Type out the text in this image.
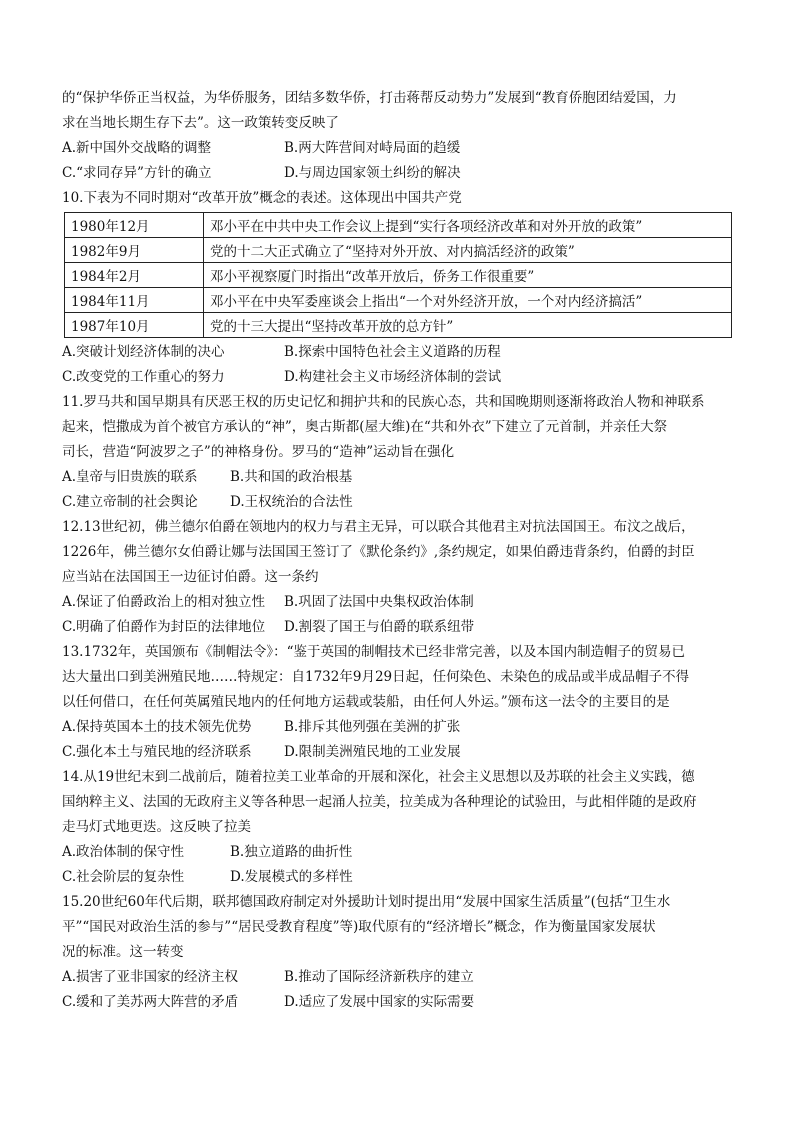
的“保护华侨正当权益，为华侨服务，团结多数华侨，打击蒋帮反动势力”发展到“教育侨胞团结爱国，力
求在当地长期生存下去”。这一政策转变反映了

A.新中国外交战略的调整	B.两大阵营间对峙局面的趋缓
C.“求同存异”方针的确立	D.与周边国家领土纠纷的解决

10.下表为不同时期对“改革开放”概念的表述。这体现出中国共产党

1980年12月	邓小平在中共中央工作会议上提到“实行各项经济改革和对外开放的政策”
1982年9月	党的十二大正式确立了“坚持对外开放、对内搞活经济的政策”
1984年2月	邓小平视察厦门时指出“改革开放后，侨务工作很重要”
1984年11月	邓小平在中央军委座谈会上指出“一个对外经济开放，一个对内经济搞活”
1987年10月	党的十三大提出“坚持改革开放的总方针”
A.突破计划经济体制的决心	B.探索中国特色社会主义道路的历程
C.改变党的工作重心的努力	D.构建社会主义市场经济体制的尝试

11.罗马共和国早期具有厌恶王权的历史记忆和拥护共和的民族心态，共和国晚期则逐渐将政治人物和神联系
起来，恺撒成为首个被官方承认的“神”，奥古斯都(屋大维)在“共和外衣”下建立了元首制，并亲任大祭
司长，营造“阿波罗之子”的神格身份。罗马的“造神”运动旨在强化

A.皇帝与旧贵族的联系	B.共和国的政治根基
C.建立帝制的社会舆论	D.王权统治的合法性

12.13世纪初，佛兰德尔伯爵在领地内的权力与君主无异，可以联合其他君主对抗法国国王。布汶之战后，
1226年，佛兰德尔女伯爵让娜与法国国王签订了《默伦条约》,条约规定，如果伯爵违背条约，伯爵的封臣
应当站在法国国王一边征讨伯爵。这一条约

A.保证了伯爵政治上的相对独立性	B.巩固了法国中央集权政治体制
C.明确了伯爵作为封臣的法律地位	D.割裂了国王与伯爵的联系纽带

13.1732年，英国颁布《制帽法令》：“鉴于英国的制帽技术已经非常完善，以及本国内制造帽子的贸易已
达大量出口到美洲殖民地……特规定：自1732年9月29日起，任何染色、未染色的成品或半成品帽子不得
以任何借口，在任何英属殖民地内的任何地方运载或装船，由任何人外运。”颁布这一法令的主要目的是

A.保持英国本土的技术领先优势	B.排斥其他列强在美洲的扩张
C.强化本土与殖民地的经济联系	D.限制美洲殖民地的工业发展

14.从19世纪末到二战前后，随着拉美工业革命的开展和深化，社会主义思想以及苏联的社会主义实践，德
国纳粹主义、法国的无政府主义等各种思一起涌人拉美，拉美成为各种理论的试验田，与此相伴随的是政府
走马灯式地更迭。这反映了拉美

A.政治体制的保守性	B.独立道路的曲折性
C.社会阶层的复杂性	D.发展模式的多样性

15.20世纪60年代后期，联邦德国政府制定对外援助计划时提出用“发展中国家生活质量”(包括“卫生水
平”“国民对政治生活的参与”“居民受教育程度”等)取代原有的“经济增长”概念，作为衡量国家发展状
况的标准。这一转变

A.损害了亚非国家的经济主权	B.推动了国际经济新秩序的建立
C.缓和了美苏两大阵营的矛盾	D.适应了发展中国家的实际需要
